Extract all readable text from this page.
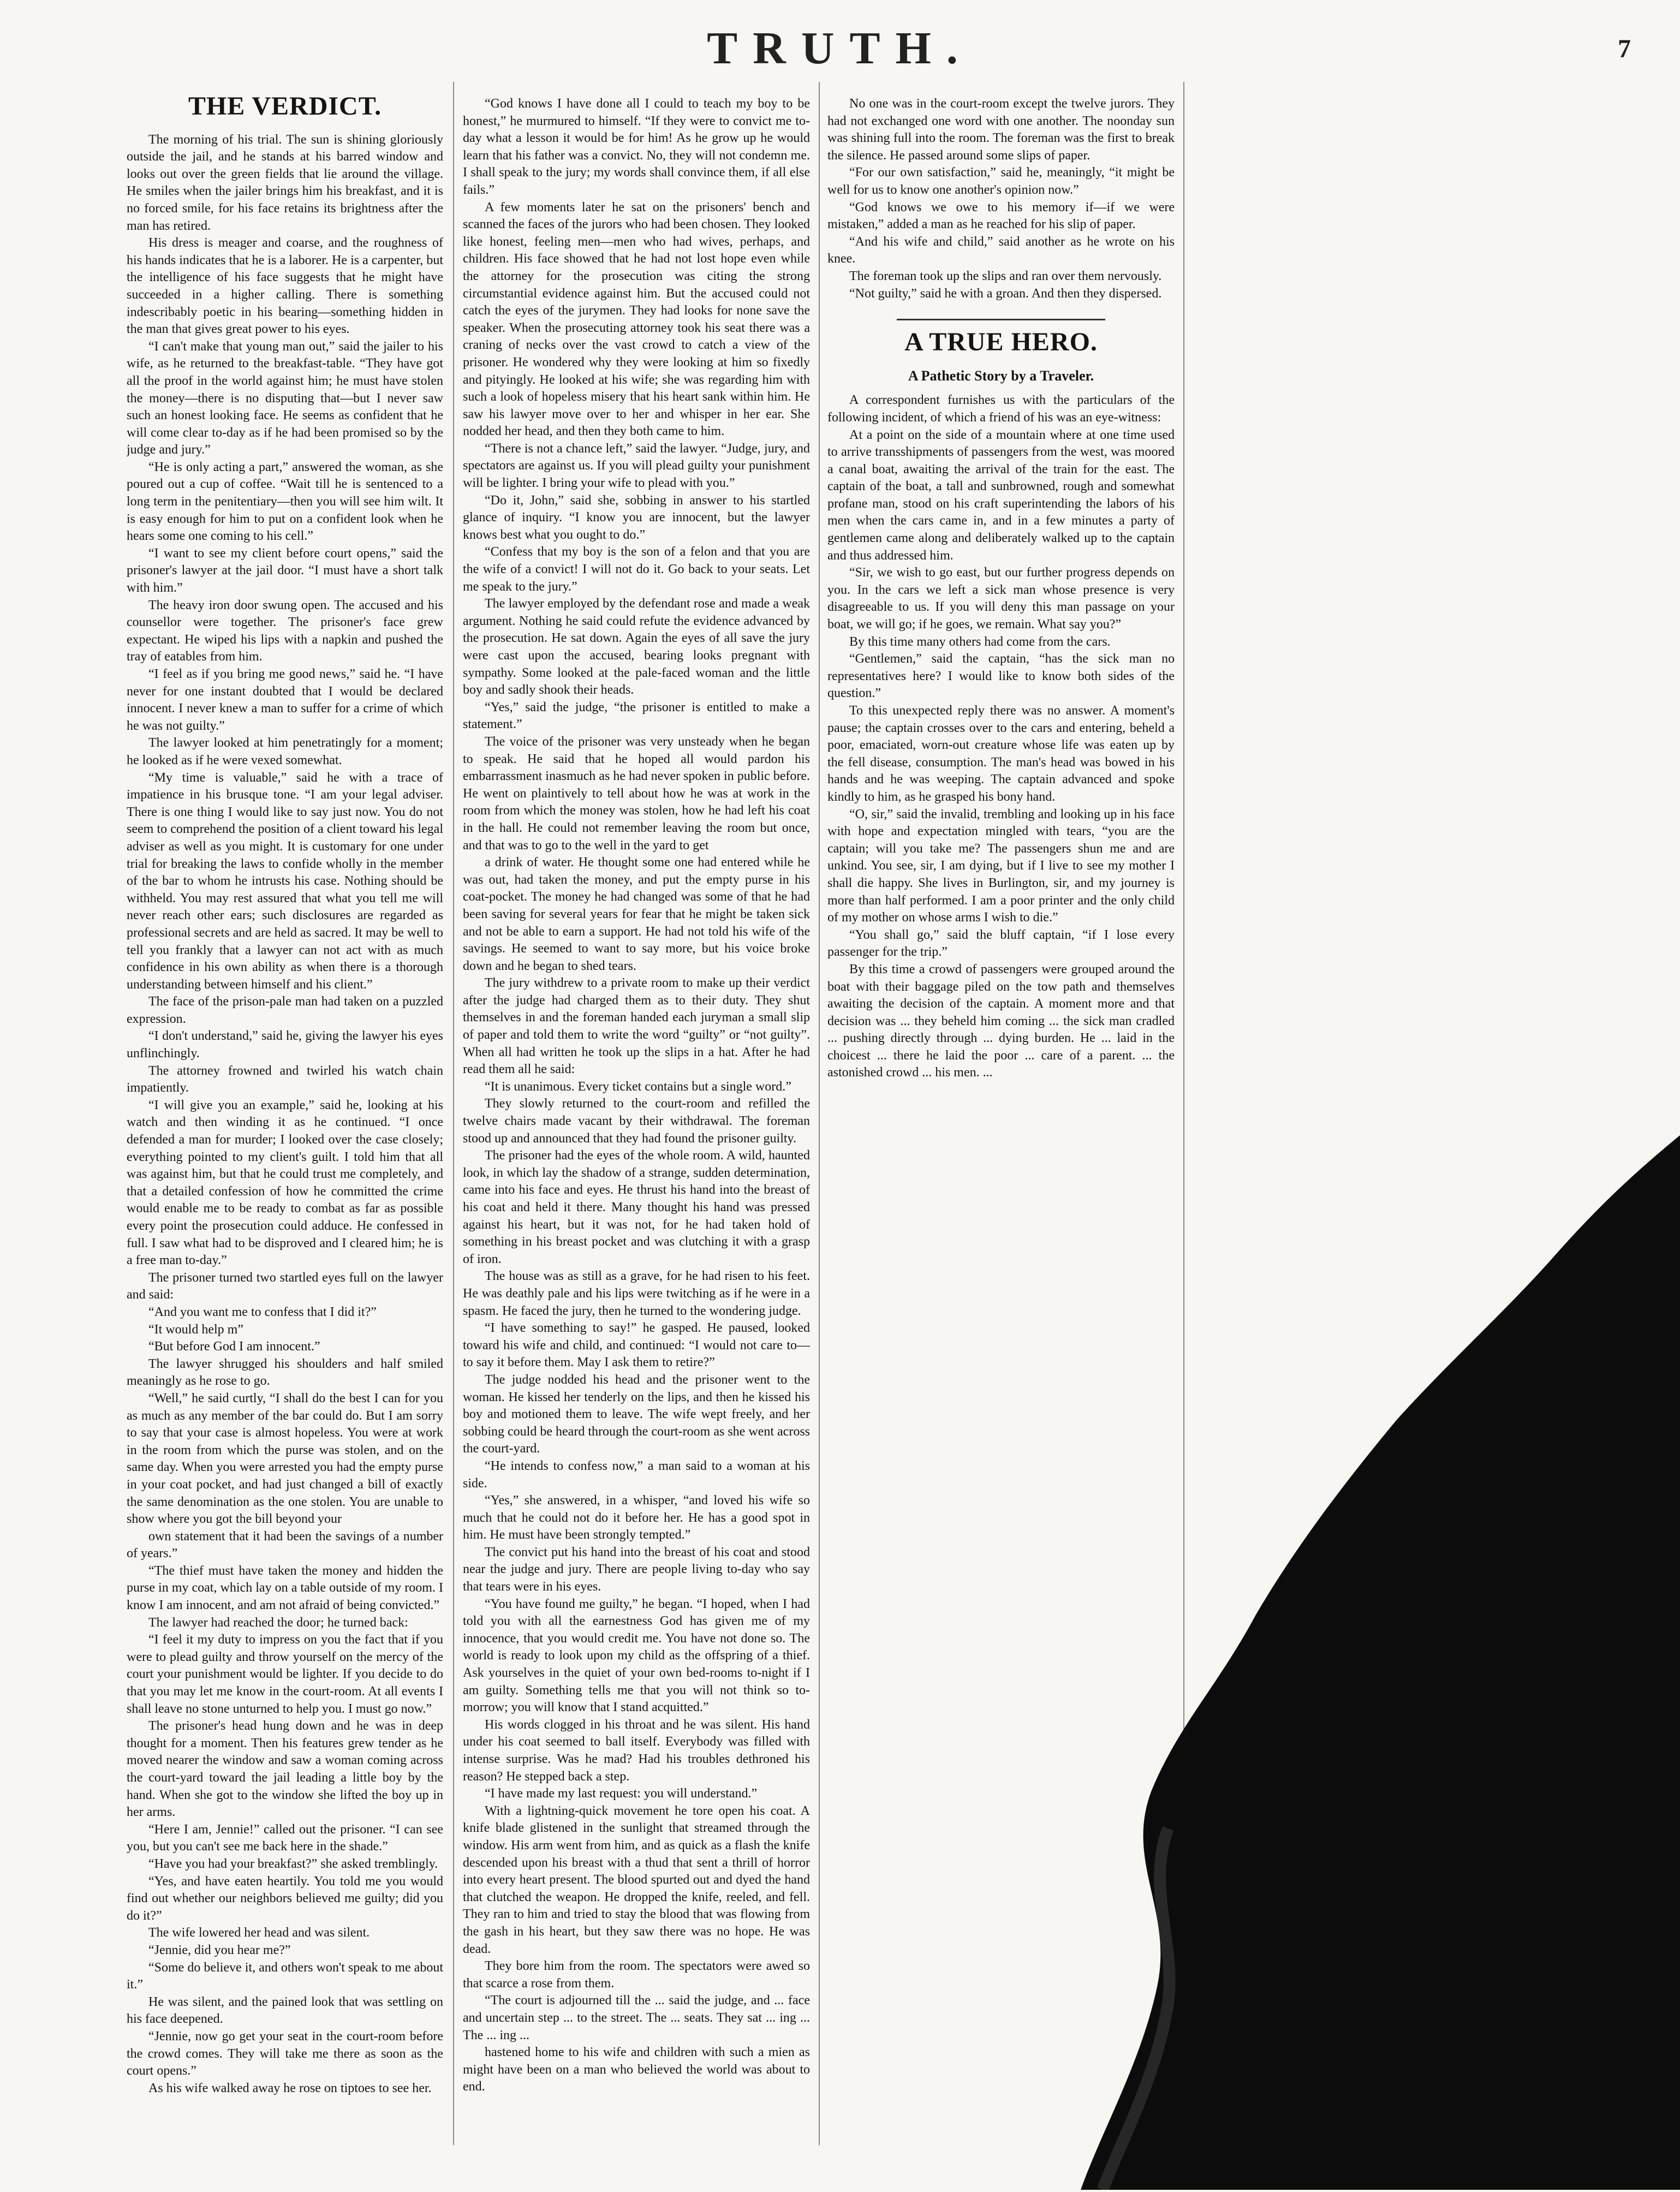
TRUTH.	7
THE VERDICT.

The morning of his trial. The sun is shining gloriously outside the jail, and he stands at his barred window and looks out over the green fields that lie around the village. He smiles when the jailer brings him his breakfast, and it is no forced smile, for his face retains its brightness after the man has retired.

His dress is meager and coarse, and the roughness of his hands indicates that he is a laborer. He is a carpenter, but the intelligence of his face suggests that he might have succeeded in a higher calling. There is something indescribably poetic in his bearing—something hidden in the man that gives great power to his eyes.

“I can't make that young man out,” said the jailer to his wife, as he returned to the breakfast-table. “They have got all the proof in the world against him; he must have stolen the money—there is no disputing that—but I never saw such an honest looking face. He seems as confident that he will come clear to-day as if he had been promised so by the judge and jury.”

“He is only acting a part,” answered the woman, as she poured out a cup of coffee. “Wait till he is sentenced to a long term in the penitentiary—then you will see him wilt. It is easy enough for him to put on a confident look when he hears some one coming to his cell.”

“I want to see my client before court opens,” said the prisoner's lawyer at the jail door. “I must have a short talk with him.”

The heavy iron door swung open. The accused and his counsellor were together. The prisoner's face grew expectant. He wiped his lips with a napkin and pushed the tray of eatables from him.

“I feel as if you bring me good news,” said he. “I have never for one instant doubted that I would be declared innocent. I never knew a man to suffer for a crime of which he was not guilty.”

The lawyer looked at him penetratingly for a moment; he looked as if he were vexed somewhat.

“My time is valuable,” said he with a trace of impatience in his brusque tone. “I am your legal adviser. There is one thing I would like to say just now. You do not seem to comprehend the position of a client toward his legal adviser as well as you might. It is customary for one under trial for breaking the laws to confide wholly in the member of the bar to whom he intrusts his case. Nothing should be withheld. You may rest assured that what you tell me will never reach other ears; such disclosures are regarded as professional secrets and are held as sacred. It may be well to tell you frankly that a lawyer can not act with as much confidence in his own ability as when there is a thorough understanding between himself and his client.”

The face of the prison-pale man had taken on a puzzled expression.

“I don't understand,” said he, giving the lawyer his eyes unflinchingly.

The attorney frowned and twirled his watch chain impatiently.

“I will give you an example,” said he, looking at his watch and then winding it as he continued. “I once defended a man for murder; I looked over the case closely; everything pointed to my client's guilt. I told him that all was against him, but that he could trust me completely, and that a detailed confession of how he committed the crime would enable me to be ready to combat as far as possible every point the prosecution could adduce. He confessed in full. I saw what had to be disproved and I cleared him; he is a free man to-day.”

The prisoner turned two startled eyes full on the lawyer and said:

“And you want me to confess that I did it?”

“It would help m”

“But before God I am innocent.”

The lawyer shrugged his shoulders and half smiled meaningly as he rose to go.

“Well,” he said curtly, “I shall do the best I can for you as much as any member of the bar could do. But I am sorry to say that your case is almost hopeless. You were at work in the room from which the purse was stolen, and on the same day. When you were arrested you had the empty purse in your coat pocket, and had just changed a bill of exactly the same denomination as the one stolen. You are unable to show where you got the bill beyond your

own statement that it had been the savings of a number of years.”

“The thief must have taken the money and hidden the purse in my coat, which lay on a table outside of my room. I know I am innocent, and am not afraid of being convicted.”

The lawyer had reached the door; he turned back:

“I feel it my duty to impress on you the fact that if you were to plead guilty and throw yourself on the mercy of the court your punishment would be lighter. If you decide to do that you may let me know in the court-room. At all events I shall leave no stone unturned to help you. I must go now.”

The prisoner's head hung down and he was in deep thought for a moment. Then his features grew tender as he moved nearer the window and saw a woman coming across the court-yard toward the jail leading a little boy by the hand. When she got to the window she lifted the boy up in her arms.

“Here I am, Jennie!” called out the prisoner. “I can see you, but you can't see me back here in the shade.”

“Have you had your breakfast?” she asked tremblingly.

“Yes, and have eaten heartily. You told me you would find out whether our neighbors believed me guilty; did you do it?”

The wife lowered her head and was silent.

“Jennie, did you hear me?”

“Some do believe it, and others won't speak to me about it.”

He was silent, and the pained look that was settling on his face deepened.

“Jennie, now go get your seat in the court-room before the crowd comes. They will take me there as soon as the court opens.”

As his wife walked away he rose on tiptoes to see her.

“God knows I have done all I could to teach my boy to be honest,” he murmured to himself. “If they were to convict me to-day what a lesson it would be for him! As he grow up he would learn that his father was a convict. No, they will not condemn me. I shall speak to the jury; my words shall convince them, if all else fails.”

A few moments later he sat on the prisoners' bench and scanned the faces of the jurors who had been chosen. They looked like honest, feeling men—men who had wives, perhaps, and children. His face showed that he had not lost hope even while the attorney for the prosecution was citing the strong circumstantial evidence against him. But the accused could not catch the eyes of the jurymen. They had looks for none save the speaker. When the prosecuting attorney took his seat there was a craning of necks over the vast crowd to catch a view of the prisoner. He wondered why they were looking at him so fixedly and pityingly. He looked at his wife; she was regarding him with such a look of hopeless misery that his heart sank within him. He saw his lawyer move over to her and whisper in her ear. She nodded her head, and then they both came to him.

“There is not a chance left,” said the lawyer. “Judge, jury, and spectators are against us. If you will plead guilty your punishment will be lighter. I bring your wife to plead with you.”

“Do it, John,” said she, sobbing in answer to his startled glance of inquiry. “I know you are innocent, but the lawyer knows best what you ought to do.”

“Confess that my boy is the son of a felon and that you are the wife of a convict! I will not do it. Go back to your seats. Let me speak to the jury.”

The lawyer employed by the defendant rose and made a weak argument. Nothing he said could refute the evidence advanced by the prosecution. He sat down. Again the eyes of all save the jury were cast upon the accused, bearing looks pregnant with sympathy. Some looked at the pale-faced woman and the little boy and sadly shook their heads.

“Yes,” said the judge, “the prisoner is entitled to make a statement.”

The voice of the prisoner was very unsteady when he began to speak. He said that he hoped all would pardon his embarrassment inasmuch as he had never spoken in public before. He went on plaintively to tell about how he was at work in the room from which the money was stolen, how he had left his coat in the hall. He could not remember leaving the room but once, and that was to go to the well in the yard to get

a drink of water. He thought some one had entered while he was out, had taken the money, and put the empty purse in his coat-pocket. The money he had changed was some of that he had been saving for several years for fear that he might be taken sick and not be able to earn a support. He had not told his wife of the savings. He seemed to want to say more, but his voice broke down and he began to shed tears.

The jury withdrew to a private room to make up their verdict after the judge had charged them as to their duty. They shut themselves in and the foreman handed each juryman a small slip of paper and told them to write the word “guilty” or “not guilty”. When all had written he took up the slips in a hat. After he had read them all he said:

“It is unanimous. Every ticket contains but a single word.”

They slowly returned to the court-room and refilled the twelve chairs made vacant by their withdrawal. The foreman stood up and announced that they had found the prisoner guilty.

The prisoner had the eyes of the whole room. A wild, haunted look, in which lay the shadow of a strange, sudden determination, came into his face and eyes. He thrust his hand into the breast of his coat and held it there. Many thought his hand was pressed against his heart, but it was not, for he had taken hold of something in his breast pocket and was clutching it with a grasp of iron.

The house was as still as a grave, for he had risen to his feet. He was deathly pale and his lips were twitching as if he were in a spasm. He faced the jury, then he turned to the wondering judge.

“I have something to say!” he gasped. He paused, looked toward his wife and child, and continued: “I would not care to—to say it before them. May I ask them to retire?”

The judge nodded his head and the prisoner went to the woman. He kissed her tenderly on the lips, and then he kissed his boy and motioned them to leave. The wife wept freely, and her sobbing could be heard through the court-room as she went across the court-yard.

“He intends to confess now,” a man said to a woman at his side.

“Yes,” she answered, in a whisper, “and loved his wife so much that he could not do it before her. He has a good spot in him. He must have been strongly tempted.”

The convict put his hand into the breast of his coat and stood near the judge and jury. There are people living to-day who say that tears were in his eyes.

“You have found me guilty,” he began. “I hoped, when I had told you with all the earnestness God has given me of my innocence, that you would credit me. You have not done so. The world is ready to look upon my child as the offspring of a thief. Ask yourselves in the quiet of your own bed-rooms to-night if I am guilty. Something tells me that you will not think so to-morrow; you will know that I stand acquitted.”

His words clogged in his throat and he was silent. His hand under his coat seemed to ball itself. Everybody was filled with intense surprise. Was he mad? Had his troubles dethroned his reason? He stepped back a step.

“I have made my last request: you will understand.”

With a lightning-quick movement he tore open his coat. A knife blade glistened in the sunlight that streamed through the window. His arm went from him, and as quick as a flash the knife descended upon his breast with a thud that sent a thrill of horror into every heart present. The blood spurted out and dyed the hand that clutched the weapon. He dropped the knife, reeled, and fell. They ran to him and tried to stay the blood that was flowing from the gash in his heart, but they saw there was no hope. He was dead.

They bore him from the room. The spectators were awed so that scarce a rose from them.

“The court is adjourned till the ... said the judge, and ... face and uncertain step ... to the street. The ... seats. They sat ... ing ... The ... ing ...

hastened home to his wife and children with such a mien as might have been on a man who believed the world was about to end.

No one was in the court-room except the twelve jurors. They had not exchanged one word with one another. The noonday sun was shining full into the room. The foreman was the first to break the silence. He passed around some slips of paper.

“For our own satisfaction,” said he, meaningly, “it might be well for us to know one another's opinion now.”

“God knows we owe to his memory if—if we were mistaken,” added a man as he reached for his slip of paper.

“And his wife and child,” said another as he wrote on his knee.

The foreman took up the slips and ran over them nervously.

“Not guilty,” said he with a groan. And then they dispersed.

A TRUE HERO.
A Pathetic Story by a Traveler.

A correspondent furnishes us with the particulars of the following incident, of which a friend of his was an eye-witness:

At a point on the side of a mountain where at one time used to arrive transshipments of passengers from the west, was moored a canal boat, awaiting the arrival of the train for the east. The captain of the boat, a tall and sunbrowned, rough and somewhat profane man, stood on his craft superintending the labors of his men when the cars came in, and in a few minutes a party of gentlemen came along and deliberately walked up to the captain and thus addressed him.

“Sir, we wish to go east, but our further progress depends on you. In the cars we left a sick man whose presence is very disagreeable to us. If you will deny this man passage on your boat, we will go; if he goes, we remain. What say you?”

By this time many others had come from the cars.

“Gentlemen,” said the captain, “has the sick man no representatives here? I would like to know both sides of the question.”

To this unexpected reply there was no answer. A moment's pause; the captain crosses over to the cars and entering, beheld a poor, emaciated, worn-out creature whose life was eaten up by the fell disease, consumption. The man's head was bowed in his hands and he was weeping. The captain advanced and spoke kindly to him, as he grasped his bony hand.

“O, sir,” said the invalid, trembling and looking up in his face with hope and expectation mingled with tears, “you are the captain; will you take me? The passengers shun me and are unkind. You see, sir, I am dying, but if I live to see my mother I shall die happy. She lives in Burlington, sir, and my journey is more than half performed. I am a poor printer and the only child of my mother on whose arms I wish to die.”

“You shall go,” said the bluff captain, “if I lose every passenger for the trip.”

By this time a crowd of passengers were grouped around the boat with their baggage piled on the tow path and themselves awaiting the decision of the captain. A moment more and that decision was ... they beheld him coming ... the sick man cradled ... pushing directly through ... dying burden. He ... laid in the choicest ... there he laid the poor ... care of a parent. ... the astonished crowd ... his men. ...
